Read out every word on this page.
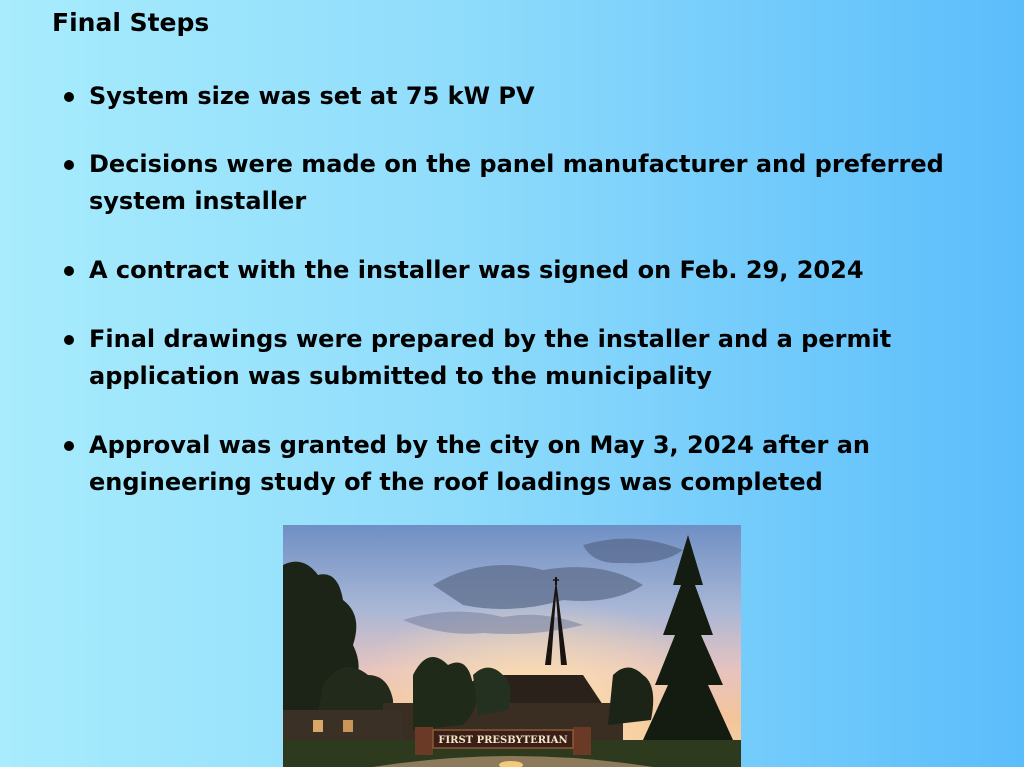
Final Steps
System size was set at 75 kW PV
Decisions were made on the panel manufacturer and preferred system installer
A contract with the installer was signed on Feb. 29, 2024
Final drawings were prepared by the installer and a permit application was submitted to the municipality
Approval was granted by the city on May 3, 2024 after an engineering study of the roof loadings was completed
FIRST PRESBYTERIAN
